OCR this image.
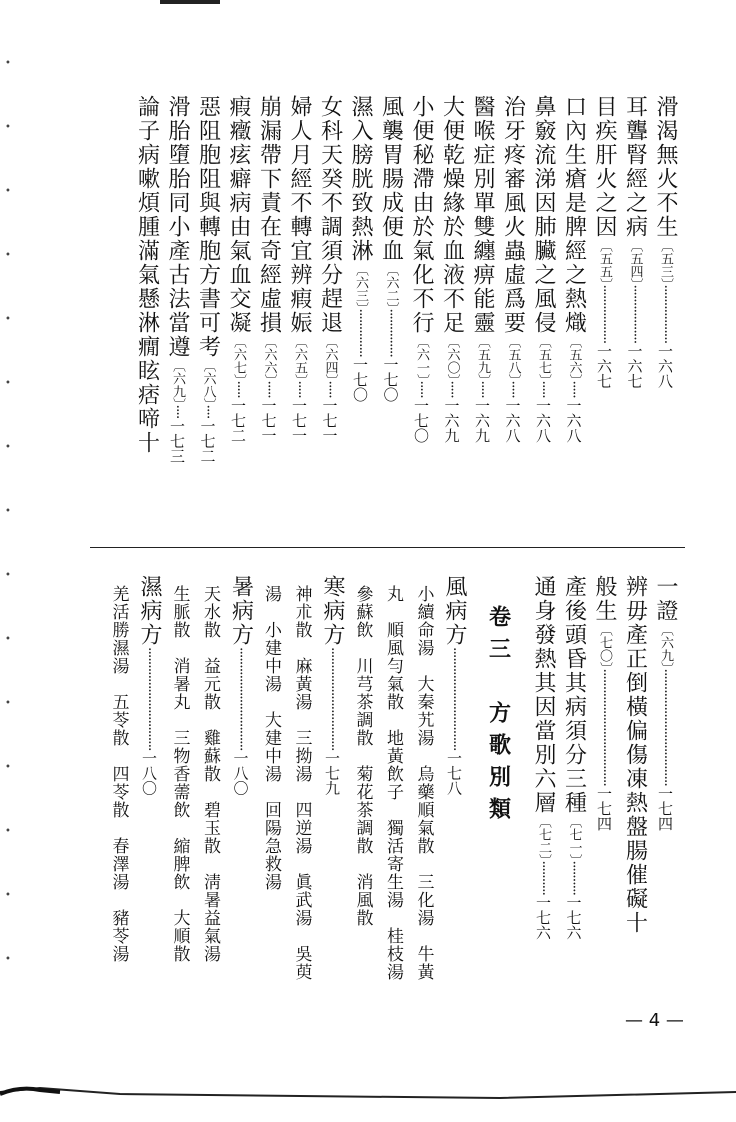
滑渴無火不生〔五三〕·················一六八
耳聾腎經之病〔五四〕·················一六七
目疾肝火之因〔五五〕·················一六七
口內生瘡是脾經之熱熾〔五六〕·····一六八
鼻竅流涕因肺臟之風侵〔五七〕·····一六八
治牙疼審風火蟲虛爲要〔五八〕·····一六八
醫喉症別單雙纏痹能靈〔五九〕·····一六九
大便乾燥緣於血液不足〔六〇〕·····一六九
小便秘滯由於氣化不行〔六一〕·····一七〇
風襲胃腸成便血〔六二〕··············一七〇
濕入膀胱致熱淋〔六三〕··············一七〇
女科天癸不調須分趕退〔六四〕·····一七一
婦人月經不轉宜辨瘕娠〔六五〕·····一七一
崩漏帶下責在奇經虛損〔六六〕·····一七一
瘕癥痃癖病由氣血交凝〔六七〕·····一七二
惡阻胞阻與轉胞方書可考〔六八〕····一七二
滑胎墮胎同小產古法當遵〔六九〕····一七三
論子病嗽煩腫滿氣懸淋癇眩痞啼十
一證〔六九〕··································一七四
辨毋產正倒橫偏傷凍熱盤腸催礙十
般生〔七〇〕··································一七四
產後頭昏其病須分三種〔七一〕··········一七六
通身發熱其因當別六層〔七二〕··········一七六
卷三　方歌別類
風病方······························一七八
小續命湯　大秦艽湯　烏藥順氣散　三化湯　牛黃
丸　順風勻氣散　地黃飲子　獨活寄生湯　桂枝湯
參蘇飲　川芎茶調散　菊花茶調散　消風散
寒病方······························一七九
神朮散　麻黃湯　三拗湯　四逆湯　眞武湯　吳萸
湯　小建中湯　大建中湯　回陽急救湯
暑病方······························一八〇
天水散　益元散　雞蘇散　碧玉散　淸暑益氣湯
生脈散　消暑丸　三物香薷飲　縮脾飲　大順散
濕病方······························一八〇
羌活勝濕湯　五苓散　四苓散　春澤湯　豬苓湯
•
•
•
•
•
•
•
•
•
•
•
•
•
•
•
— 4 —
